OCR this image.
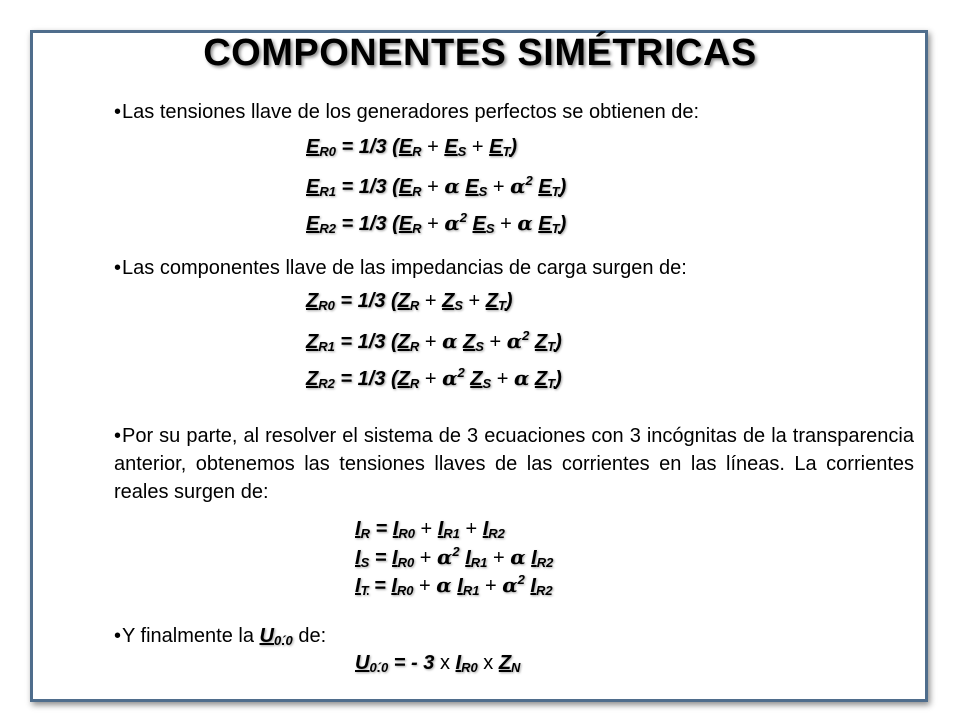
COMPONENTES SIMÉTRICAS
•Las tensiones llave de los generadores perfectos se obtienen de:
$E_{R0} = 1/3$ $(E_R + E_S + E_T)$
$E_{R1} = 1/3$ ($E_R + \alpha$ $E_S + \alpha^2$ $E_T$)
$E_{R2} = 1/3$ ($E_R + \alpha^2$ $E_S + \alpha$ $E_T$)
•Las componentes llave de las impedancias de carga surgen de:
$Z_{R0} = 1/3$ $(Z_R + Z_S + Z_T)$
$Z_{R1} = 1/3$ ($Z_R + \alpha$ $Z_S + \alpha^2$ $Z_T$)
$Z_{R2} = 1/3$ ($Z_R + \alpha^2$ $Z_S + \alpha$ $Z_T$)
•Por su parte, al resolver el sistema de 3 ecuaciones con 3 incógnitas de la transparencia anterior, obtenemos las tensiones llaves de las corrientes en las líneas. La corrientes reales surgen de:
$I_R = I_{R0} + I_{R1} + I_{R2}$
$I_S = I_{R0} + \alpha^2$ $I_{R1} + \alpha$ $I_{R2}$
$I_T = I_{R0} + \alpha$ $I_{R1} + \alpha^2$ $I_{R2}$
•Y finalmente la $U_{0´0}$ de:
$U_{0´0}$ = - 3 x $I_{R0}$ x $Z_N$
